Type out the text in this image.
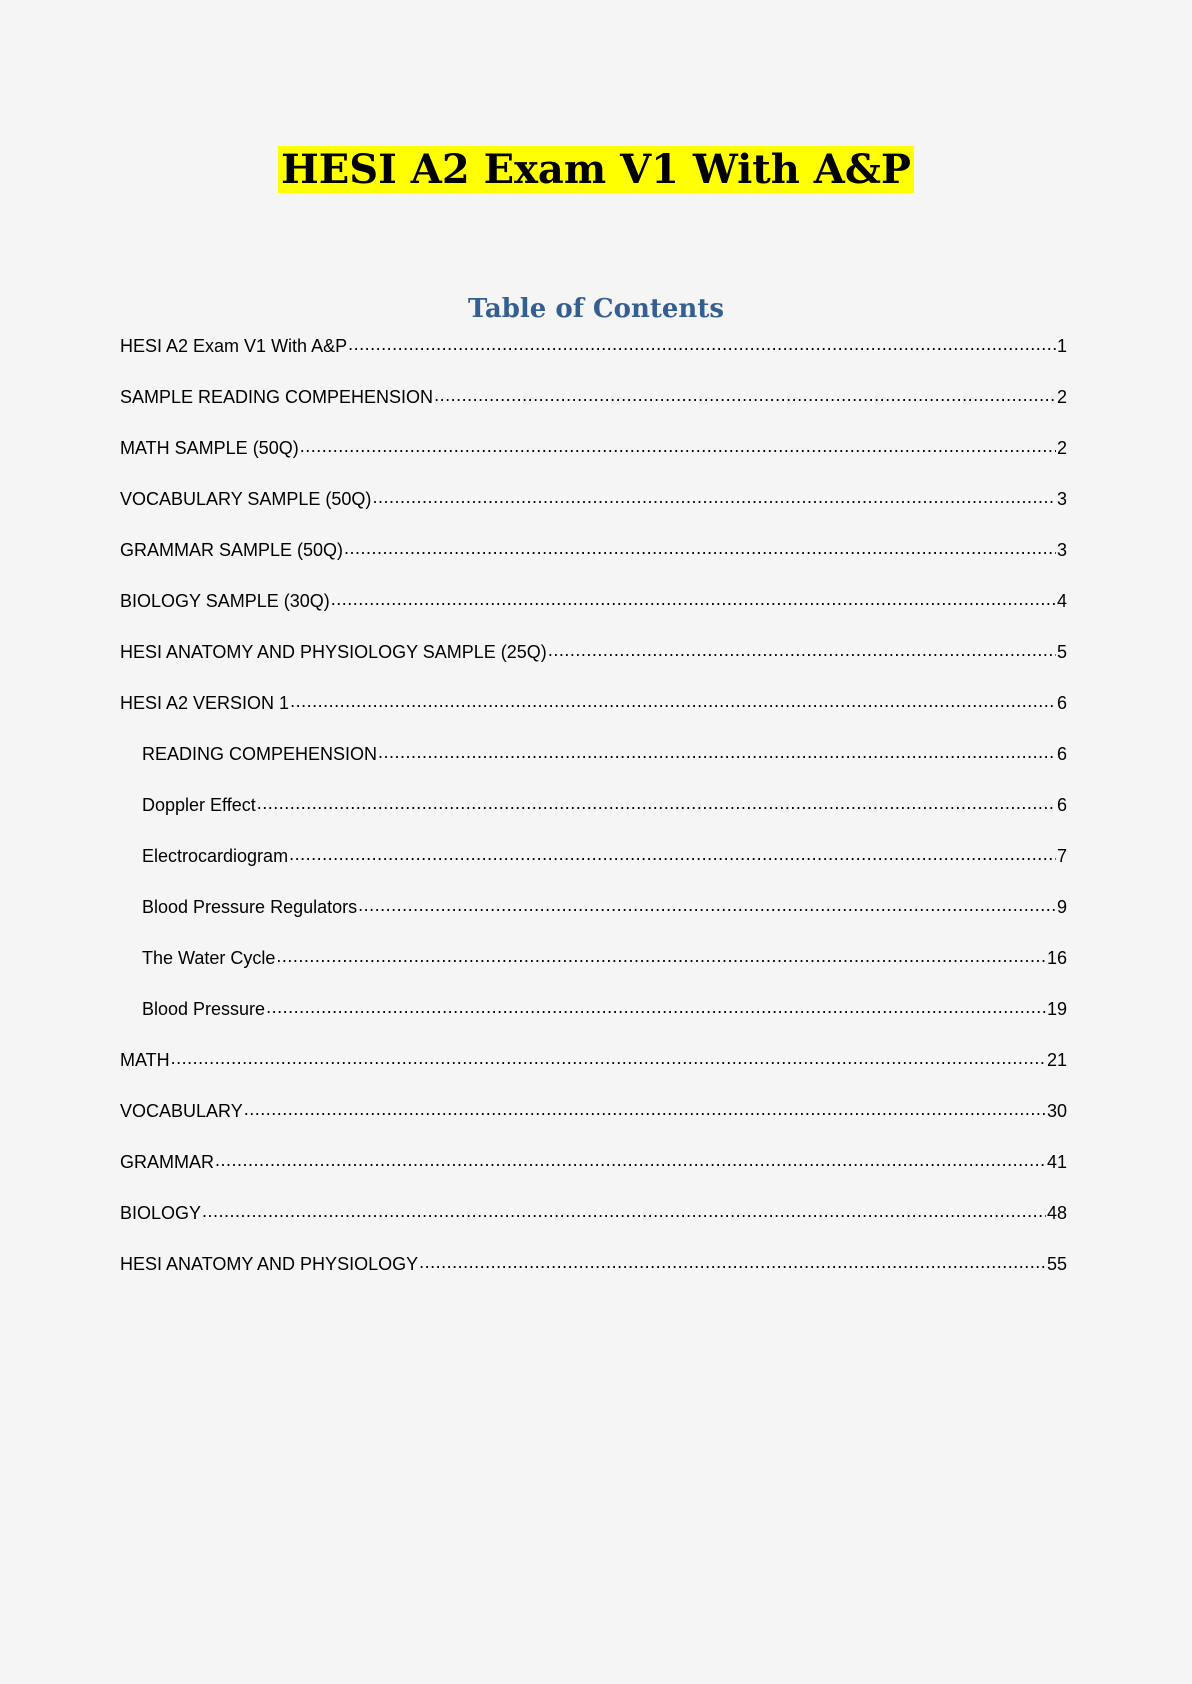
HESI A2 Exam V1 With A&P
Table of Contents
HESI A2 Exam V1 With A&P .....	1
SAMPLE READING COMPEHENSION .....	2
MATH SAMPLE (50Q) .....	2
VOCABULARY SAMPLE (50Q) .....	3
GRAMMAR SAMPLE (50Q) .....	3
BIOLOGY SAMPLE (30Q) .....	4
HESI ANATOMY AND PHYSIOLOGY SAMPLE (25Q) .....	5
HESI A2 VERSION 1 .....	6
READING COMPEHENSION .....	6
Doppler Effect .....	6
Electrocardiogram .....	7
Blood Pressure Regulators .....	9
The Water Cycle .....	16
Blood Pressure .....	19
MATH .....	21
VOCABULARY .....	30
GRAMMAR .....	41
BIOLOGY .....	48
HESI ANATOMY AND PHYSIOLOGY .....	55
